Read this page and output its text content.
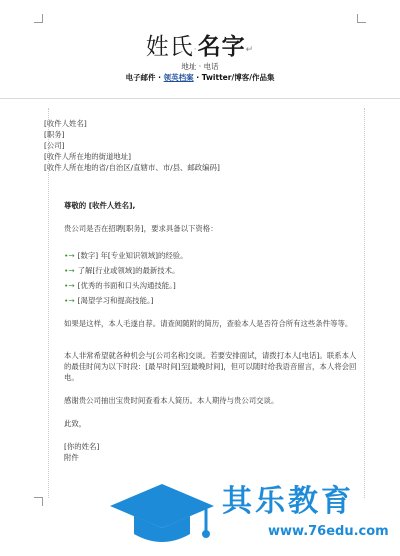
姓氏·名字↵
地址 · 电话
电子邮件 · 领英档案 · Twitter/博客/作品集

[收件人姓名]

[职务]

[公司]

[收件人所在地的街道地址]

[收件人所在地的省/自治区/直辖市、市/县、邮政编码]

尊敬的 [收件人姓名],
贵公司是否在招聘[职务]，要求具备以下资格：
•→ [数字] 年[专业知识领域]的经验。
•→ 了解[行业或领域]的最新技术。
•→ [优秀的书面和口头沟通技能。]
•→ [渴望学习和提高技能。]
如果是这样，本人毛遂自荐。请查阅随附的简历，查验本人是否符合所有这些条件等等。
本人非常希望就各种机会与[公司名称]交谈。若要安排面试，请拨打本人[电话]。联系本人的最佳时间为以下时段：[最早时间]至[最晚时间]，但可以随时给我语音留言，本人将会回电。
感谢贵公司抽出宝贵时间查看本人简历。本人期待与贵公司交谈。
此致，
[你的姓名]
附件
其乐教育
www.76edu.com
